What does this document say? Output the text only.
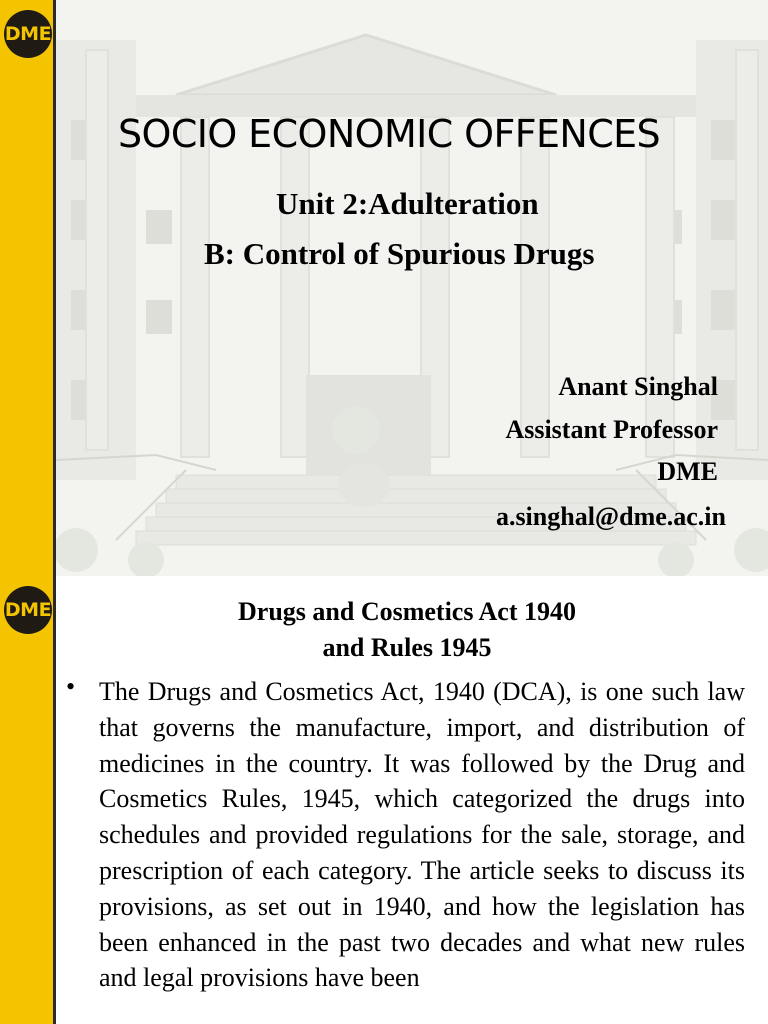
DME
SOCIO ECONOMIC OFFENCES
Unit 2:Adulteration
B: Control of Spurious Drugs
Anant Singhal
Assistant Professor
DME
a.singhal@dme.ac.in
DME	Drugs and Cosmetics Act 1940
and Rules 1945
• The Drugs and Cosmetics Act, 1940 (DCA), is one such law that governs the manufacture, import, and distribution of medicines in the country. It was followed by the Drug and Cosmetics Rules, 1945, which categorized the drugs into schedules and provided regulations for the sale, storage, and prescription of each category. The article seeks to discuss its provisions, as set out in 1940, and how the legislation has been enhanced in the past two decades and what new rules and legal provisions have been
